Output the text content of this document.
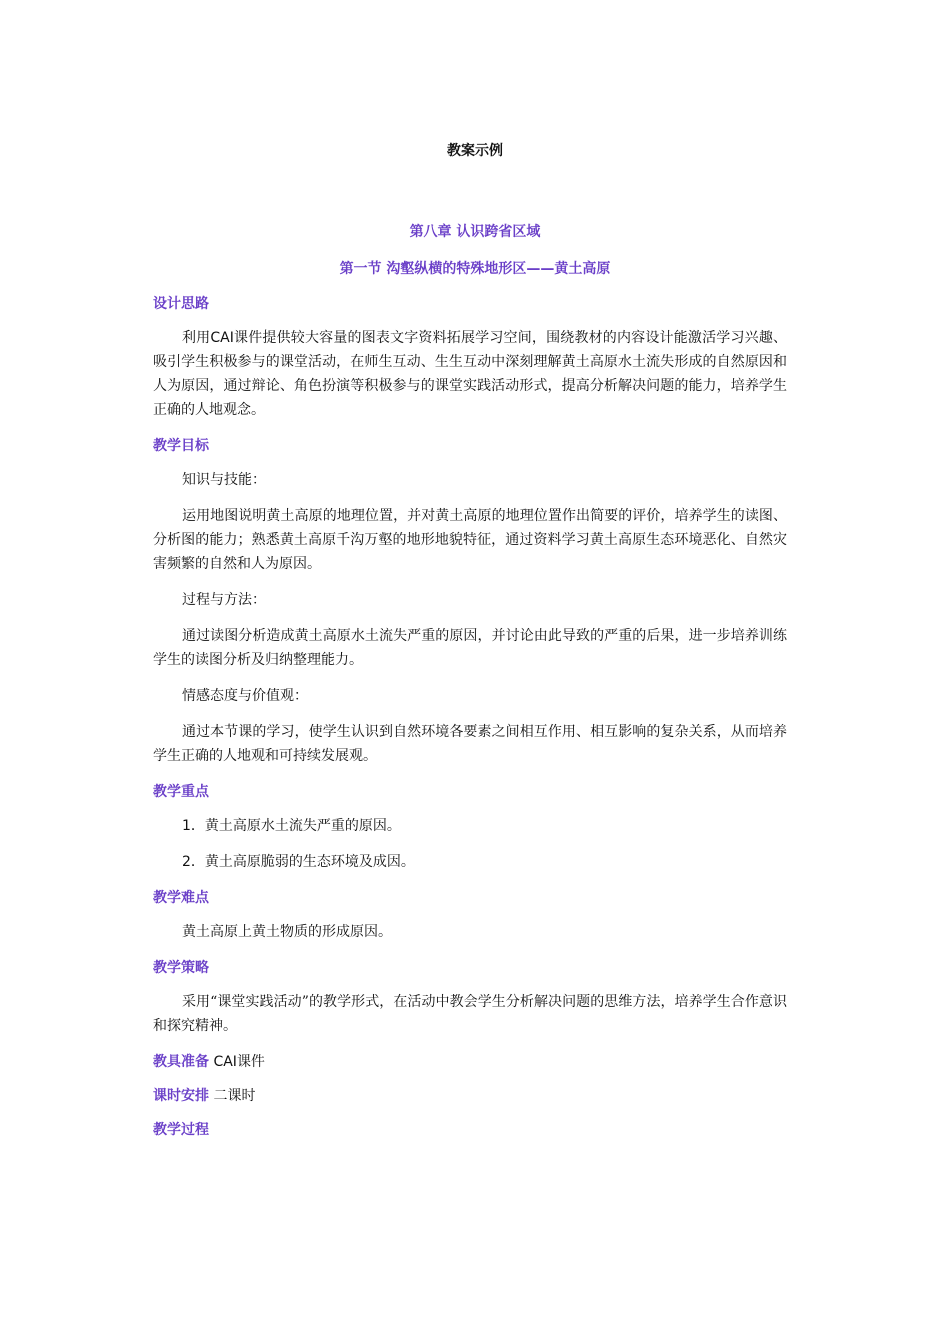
教案示例
第八章 认识跨省区域
第一节 沟壑纵横的特殊地形区——黄土高原

设计思路

利用CAI课件提供较大容量的图表文字资料拓展学习空间，围绕教材的内容设计能激活学习兴趣、吸引学生积极参与的课堂活动，在师生互动、生生互动中深刻理解黄土高原水土流失形成的自然原因和人为原因，通过辩论、角色扮演等积极参与的课堂实践活动形式，提高分析解决问题的能力，培养学生正确的人地观念。

教学目标

知识与技能：

运用地图说明黄土高原的地理位置，并对黄土高原的地理位置作出简要的评价，培养学生的读图、分析图的能力；熟悉黄土高原千沟万壑的地形地貌特征，通过资料学习黄土高原生态环境恶化、自然灾害频繁的自然和人为原因。

过程与方法：

通过读图分析造成黄土高原水土流失严重的原因，并讨论由此导致的严重的后果，进一步培养训练学生的读图分析及归纳整理能力。

情感态度与价值观：

通过本节课的学习，使学生认识到自然环境各要素之间相互作用、相互影响的复杂关系，从而培养学生正确的人地观和可持续发展观。

教学重点

1．黄土高原水土流失严重的原因。

2．黄土高原脆弱的生态环境及成因。

教学难点

黄土高原上黄土物质的形成原因。

教学策略

采用“课堂实践活动”的教学形式，在活动中教会学生分析解决问题的思维方法，培养学生合作意识和探究精神。

教具准备 CAI课件

课时安排 二课时

教学过程
